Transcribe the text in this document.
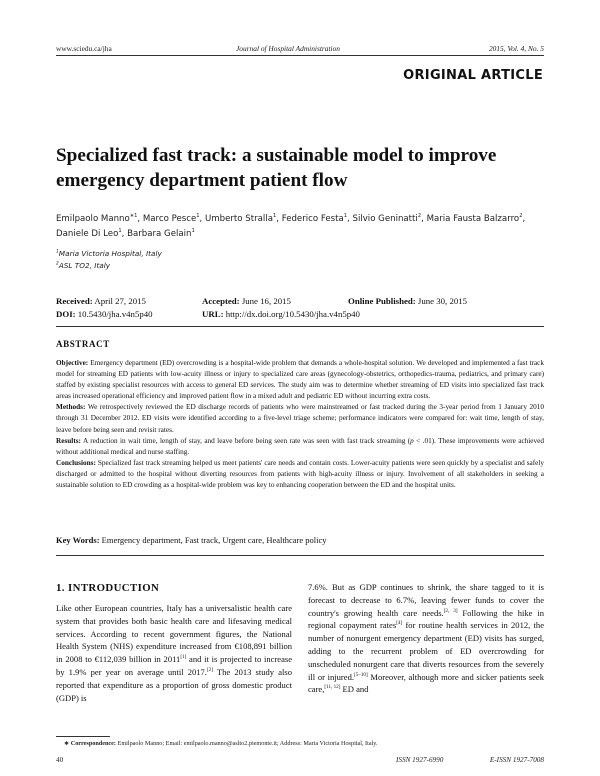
www.sciedu.ca/jha	Journal of Hospital Administration	2015, Vol. 4, No. 5
ORIGINAL ARTICLE
Specialized fast track: a sustainable model to improve emergency department patient flow
Emilpaolo Manno$^{∗1}$, Marco Pesce$^1$, Umberto Stralla$^1$, Federico Festa$^1$, Silvio Geninatti$^2$, Maria Fausta Balzarro$^2$,
Daniele Di Leo$^1$, Barbara Gelain$^1$
$^1$Maria Victoria Hospital, Italy
$^2$ASL TO2, Italy
Received: April 27, 2015	Accepted: June 16, 2015	Online Published: June 30, 2015
DOI: 10.5430/jha.v4n5p40	URL: http://dx.doi.org/10.5430/jha.v4n5p40
ABSTRACT

Objective: Emergency department (ED) overcrowding is a hospital-wide problem that demands a whole-hospital solution. We developed and implemented a fast track model for streaming ED patients with low-acuity illness or injury to specialized care areas (gynecology-obstetrics, orthopedics-trauma, pediatrics, and primary care) staffed by existing specialist resources with access to general ED services. The study aim was to determine whether streaming of ED visits into specialized fast track areas increased operational efficiency and improved patient flow in a mixed adult and pediatric ED without incurring extra costs.

Methods: We retrospectively reviewed the ED discharge records of patients who were mainstreamed or fast tracked during the 3-year period from 1 January 2010 through 31 December 2012. ED visits were identified according to a five-level triage scheme; performance indicators were compared for: wait time, length of stay, leave before being seen and revisit rates.

Results: A reduction in wait time, length of stay, and leave before being seen rate was seen with fast track streaming (p < .01). These improvements were achieved without additional medical and nurse staffing.

Conclusions: Specialized fast track streaming helped us meet patients' care needs and contain costs. Lower-acuity patients were seen quickly by a specialist and safely discharged or admitted to the hospital without diverting resources from patients with high-acuity illness or injury. Involvement of all stakeholders in seeking a sustainable solution to ED crowding as a hospital-wide problem was key to enhancing cooperation between the ED and the hospital units.

Key Words: Emergency department, Fast track, Urgent care, Healthcare policy
1. INTRODUCTION

Like other European countries, Italy has a universalistic health care system that provides both basic health care and lifesaving medical services. According to recent government figures, the National Health System (NHS) expenditure increased from €108,891 billion in 2008 to €112,039 billion in 2011[1] and it is projected to increase by 1.9% per year on average until 2017.[2] The 2013 study also reported that expenditure as a proportion of gross domestic product (GDP) is

7.6%. But as GDP continues to shrink, the share tagged to it is forecast to decrease to 6.7%, leaving fewer funds to cover the country's growing health care needs.[2, 3] Following the hike in regional copayment rates[4] for routine health services in 2012, the number of nonurgent emergency department (ED) visits has surged, adding to the recurrent problem of ED overcrowding for unscheduled nonurgent care that diverts resources from the severely ill or injured.[5–10] Moreover, although more and sicker patients seek care,[11, 12] ED and

∗ Correspondence: Emilpaolo Manno; Email: emilpaolo.manno@aslto2.piemonte.it; Address: Maria Victoria Hospital, Italy.
40	ISSN 1927-6990	E-ISSN 1927-7008
